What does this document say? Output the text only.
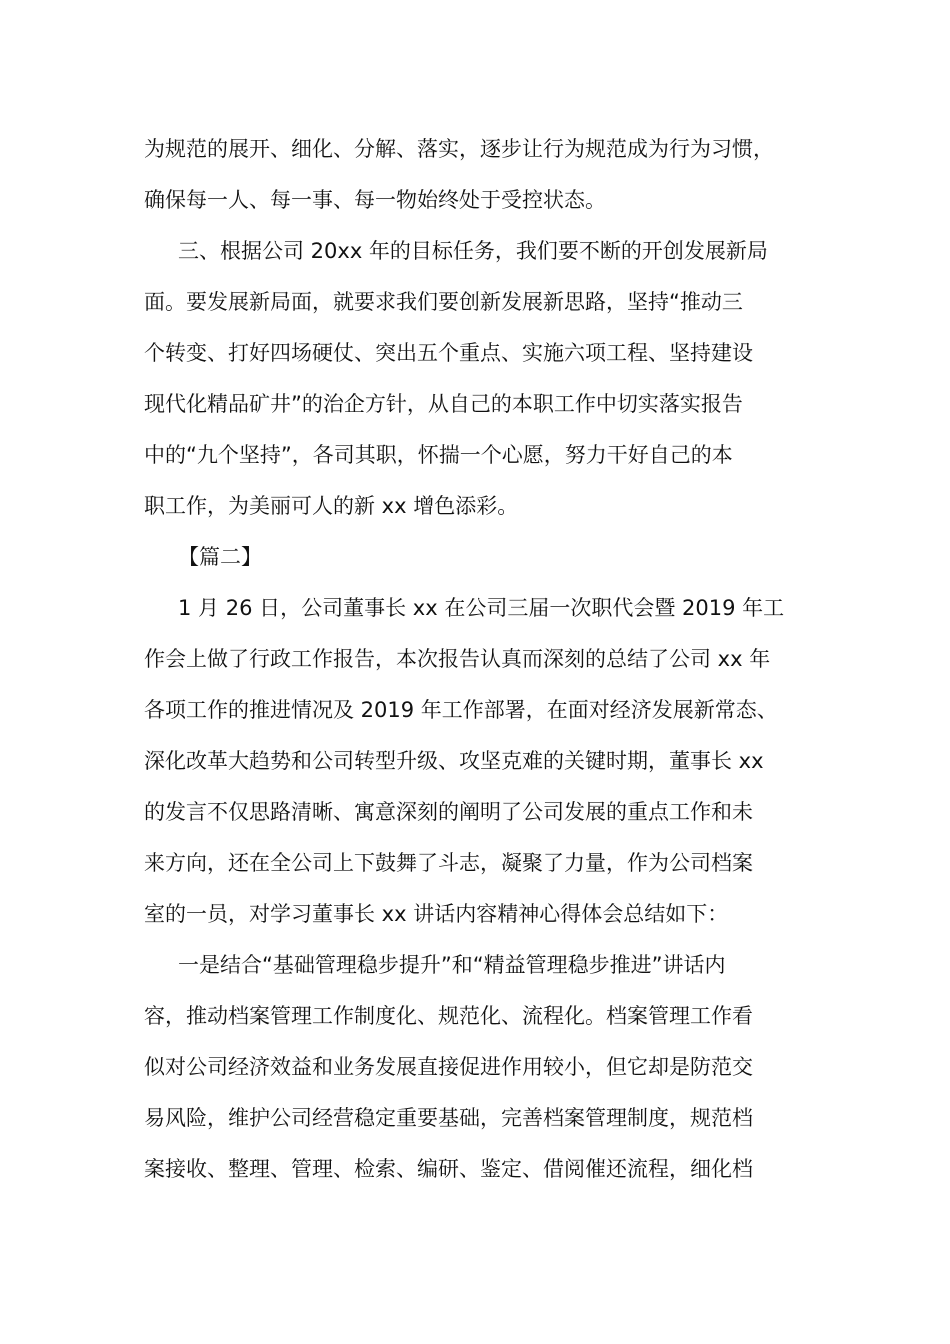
为规范的展开、细化、分解、落实，逐步让行为规范成为行为习惯，
确保每一人、每一事、每一物始终处于受控状态。
三、根据公司 20xx 年的目标任务，我们要不断的开创发展新局
面。要发展新局面，就要求我们要创新发展新思路，坚持“推动三
个转变、打好四场硬仗、突出五个重点、实施六项工程、坚持建设
现代化精品矿井”的治企方针，从自己的本职工作中切实落实报告
中的“九个坚持”，各司其职，怀揣一个心愿，努力干好自己的本
职工作，为美丽可人的新 xx 增色添彩。
【篇二】
1 月 26 日，公司董事长 xx 在公司三届一次职代会暨 2019 年工
作会上做了行政工作报告，本次报告认真而深刻的总结了公司 xx 年
各项工作的推进情况及 2019 年工作部署，在面对经济发展新常态、
深化改革大趋势和公司转型升级、攻坚克难的关键时期，董事长 xx
的发言不仅思路清晰、寓意深刻的阐明了公司发展的重点工作和未
来方向，还在全公司上下鼓舞了斗志，凝聚了力量，作为公司档案
室的一员，对学习董事长 xx 讲话内容精神心得体会总结如下：
一是结合“基础管理稳步提升”和“精益管理稳步推进”讲话内
容，推动档案管理工作制度化、规范化、流程化。档案管理工作看
似对公司经济效益和业务发展直接促进作用较小，但它却是防范交
易风险，维护公司经营稳定重要基础，完善档案管理制度，规范档
案接收、整理、管理、检索、编研、鉴定、借阅催还流程，细化档
